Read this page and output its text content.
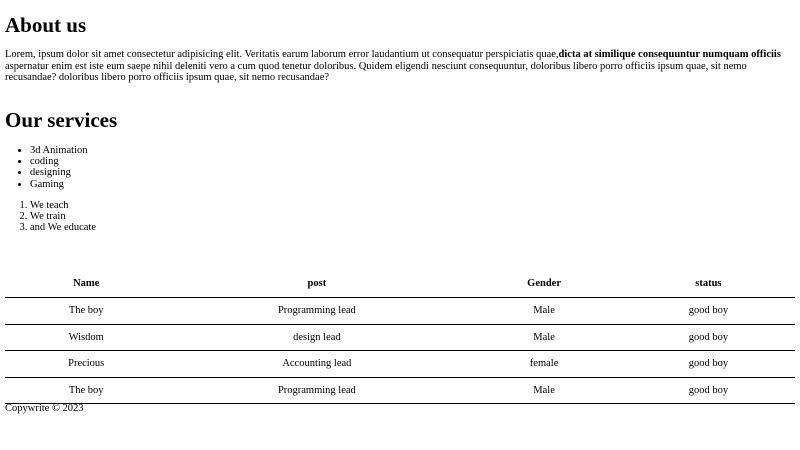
About us

Lorem, ipsum dolor sit amet consectetur adipisicing elit. Veritatis earum laborum error laudantium ut consequatur perspiciatis quae,dicta at similique consequuntur numquam officiis aspernatur enim est iste eum saepe nihil deleniti vero a cum quod tenetur doloribus. Quidem eligendi nesciunt consequuntur, doloribus libero porro officiis ipsum quae, sit nemo recusandae? doloribus libero porro officiis ipsum quae, sit nemo recusandae?

Our services
• 3d Animation
• coding
• designing
• Gaming
1. We teach
2. We train
3. and We educate
Name	post	Gender	status
The boy	Programming lead	Male	good boy
Wisdom	design lead	Male	good boy
Precious	Accounting lead	female	good boy
The boy	Programming lead	Male	good boy

Copywrite © 2023
